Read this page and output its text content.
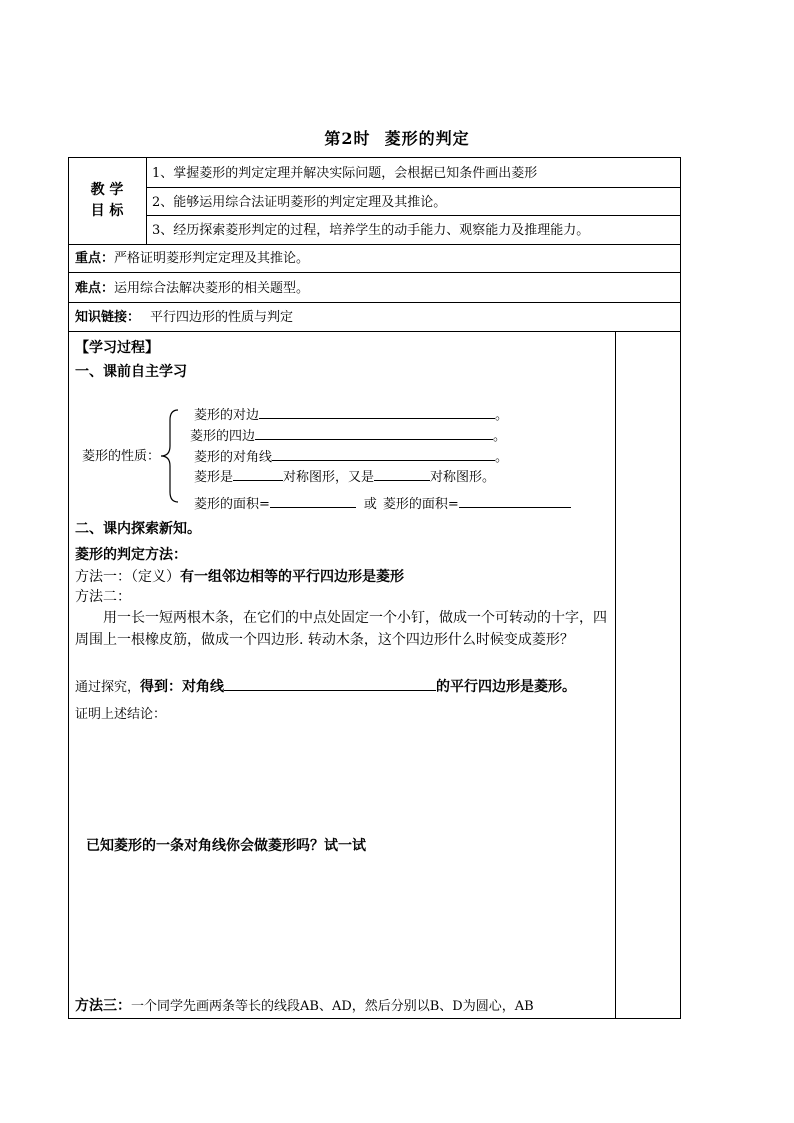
第2时 菱形的判定
教 学
目 标
1、掌握菱形的判定定理并解决实际问题，会根据已知条件画出菱形
2、能够运用综合法证明菱形的判定定理及其推论。
3、经历探索菱形判定的过程，培养学生的动手能力、观察能力及推理能力。
重点：严格证明菱形判定定理及其推论。
难点：运用综合法解决菱形的相关题型。
知识链接： 平行四边形的性质与判定
【学习过程】
一、课前自主学习
菱形的性质：
菱形的对边	。
菱形的四边	。
菱形的对角线	。
菱形是	对称图形，又是	对称图形。
菱形的面积=	或 菱形的面积=
二、课内探索新知。
菱形的判定方法：
方法一：（定义）有一组邻边相等的平行四边形是菱形
方法二：
用一长一短两根木条，在它们的中点处固定一个小钉，做成一个可转动的十字，四周围上一根橡皮筋，做成一个四边形. 转动木条，这个四边形什么时候变成菱形？
通过探究，得到：对角线	的平行四边形是菱形。
证明上述结论：
已知菱形的一条对角线你会做菱形吗？试一试
方法三：一个同学先画两条等长的线段AB、AD，然后分别以B、D为圆心，AB
